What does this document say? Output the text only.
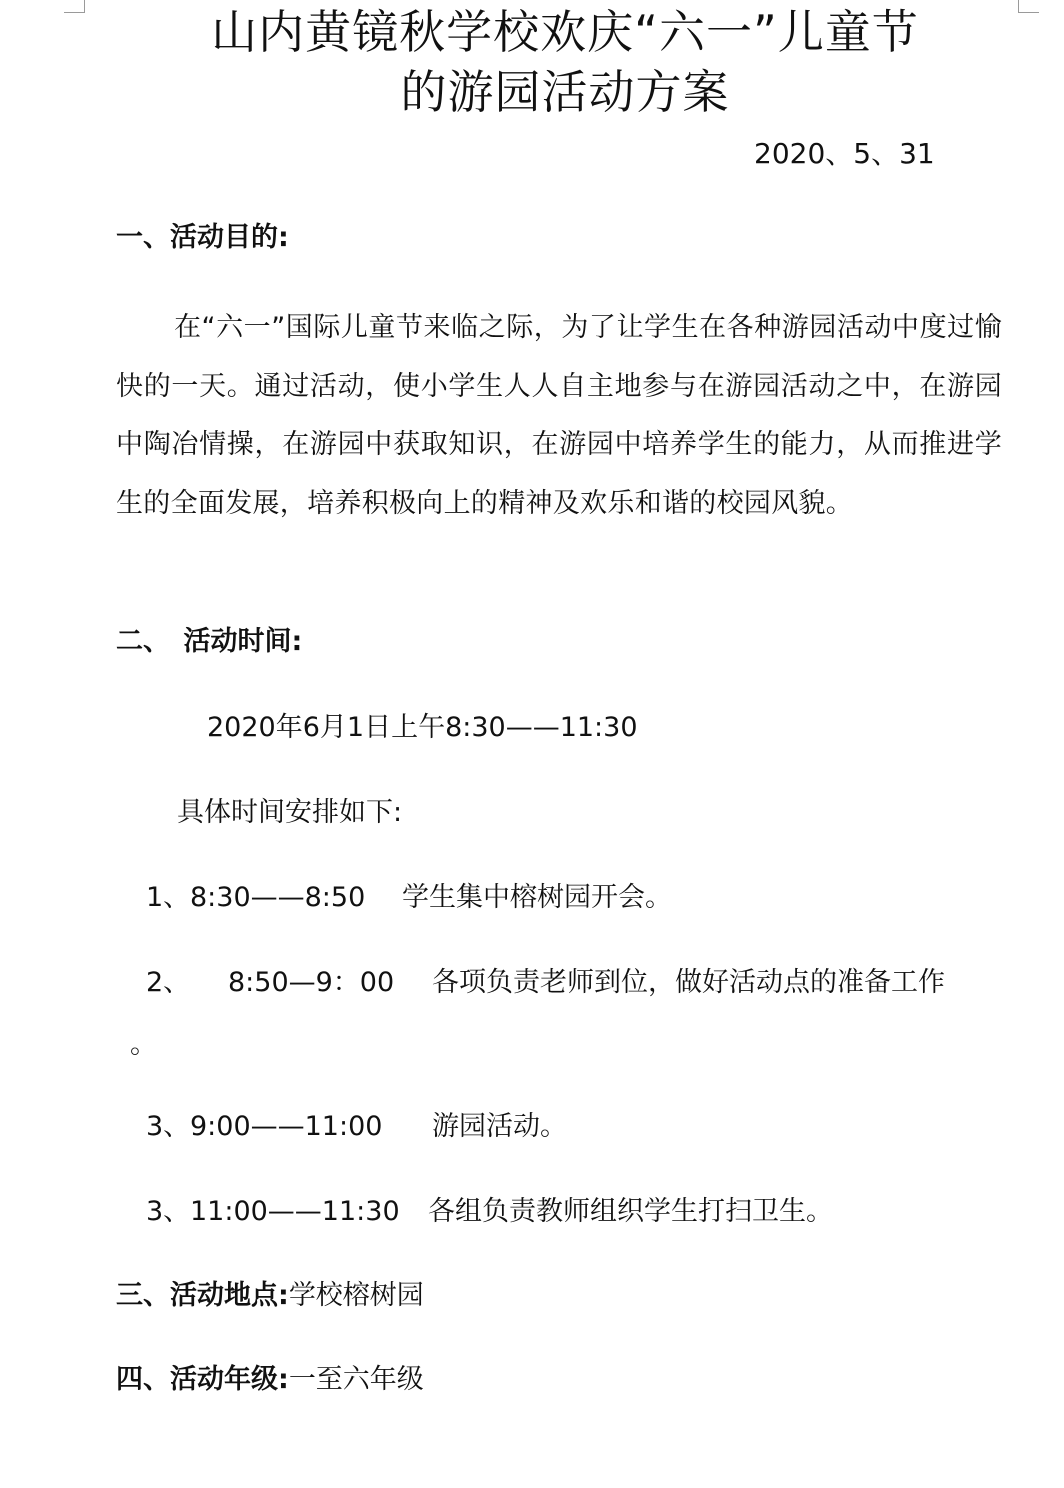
山内黄镜秋学校欢庆“六一”儿童节
的游园活动方案
2020、5、31
一、活动目的:
在“六一”国际儿童节来临之际，为了让学生在各种游园活动中度过愉快的一天。通过活动，使小学生人人自主地参与在游园活动之中，在游园中陶冶情操，在游园中获取知识，在游园中培养学生的能力，从而推进学生的全面发展，培养积极向上的精神及欢乐和谐的校园风貌。
二、　活动时间:
2020年6月1日上午8:30——11:30
具体时间安排如下:
1、 8:30——8:50 学生集中榕树园开会。
2、 8:50—9：00 各项负责老师到位，做好活动点的准备工作
。
3、 9:00——11:00 游园活动。
3、 11:00——11:30 各组负责教师组织学生打扫卫生。
三、活动地点:学校榕树园
四、活动年级:一至六年级
